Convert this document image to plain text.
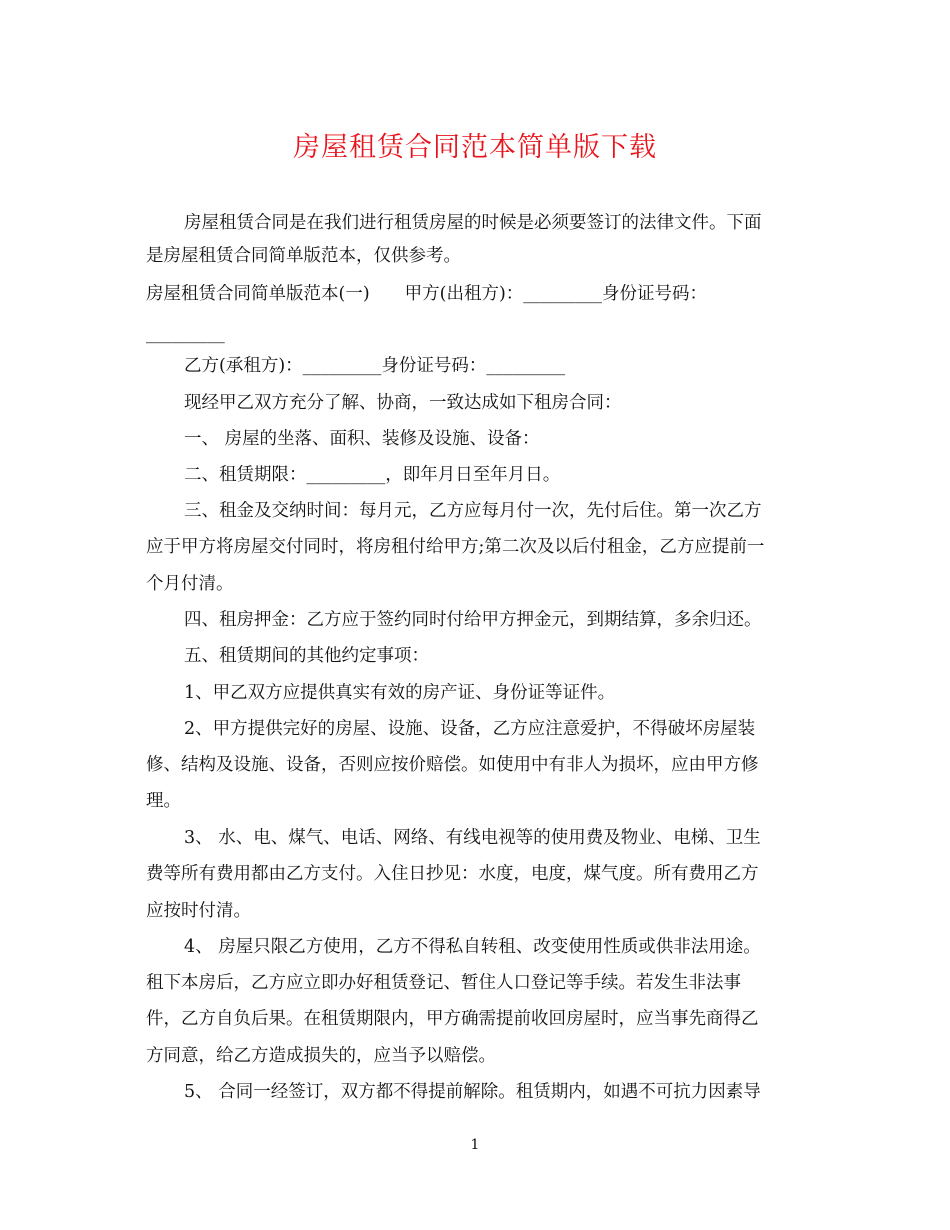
房屋租赁合同范本简单版下载
房屋租赁合同是在我们进行租赁房屋的时候是必须要签订的法律文件。下面
是房屋租赁合同简单版范本，仅供参考。
房屋租赁合同简单版范本(一)　　甲方(出租方)：_________身份证号码：
_________
乙方(承租方)：_________身份证号码：_________
现经甲乙双方充分了解、协商，一致达成如下租房合同：
一、 房屋的坐落、面积、装修及设施、设备：
二、租赁期限：_________，即年月日至年月日。
三、租金及交纳时间：每月元，乙方应每月付一次，先付后住。第一次乙方
应于甲方将房屋交付同时，将房租付给甲方;第二次及以后付租金，乙方应提前一
个月付清。
四、租房押金：乙方应于签约同时付给甲方押金元，到期结算，多余归还。
五、租赁期间的其他约定事项：
1、甲乙双方应提供真实有效的房产证、身份证等证件。
2、甲方提供完好的房屋、设施、设备，乙方应注意爱护，不得破坏房屋装
修、结构及设施、设备，否则应按价赔偿。如使用中有非人为损坏，应由甲方修
理。
3、 水、电、煤气、电话、网络、有线电视等的使用费及物业、电梯、卫生
费等所有费用都由乙方支付。入住日抄见：水度，电度，煤气度。所有费用乙方
应按时付清。
4、 房屋只限乙方使用，乙方不得私自转租、改变使用性质或供非法用途。
租下本房后，乙方应立即办好租赁登记、暂住人口登记等手续。若发生非法事
件，乙方自负后果。在租赁期限内，甲方确需提前收回房屋时，应当事先商得乙
方同意，给乙方造成损失的，应当予以赔偿。
5、 合同一经签订，双方都不得提前解除。租赁期内，如遇不可抗力因素导
1
